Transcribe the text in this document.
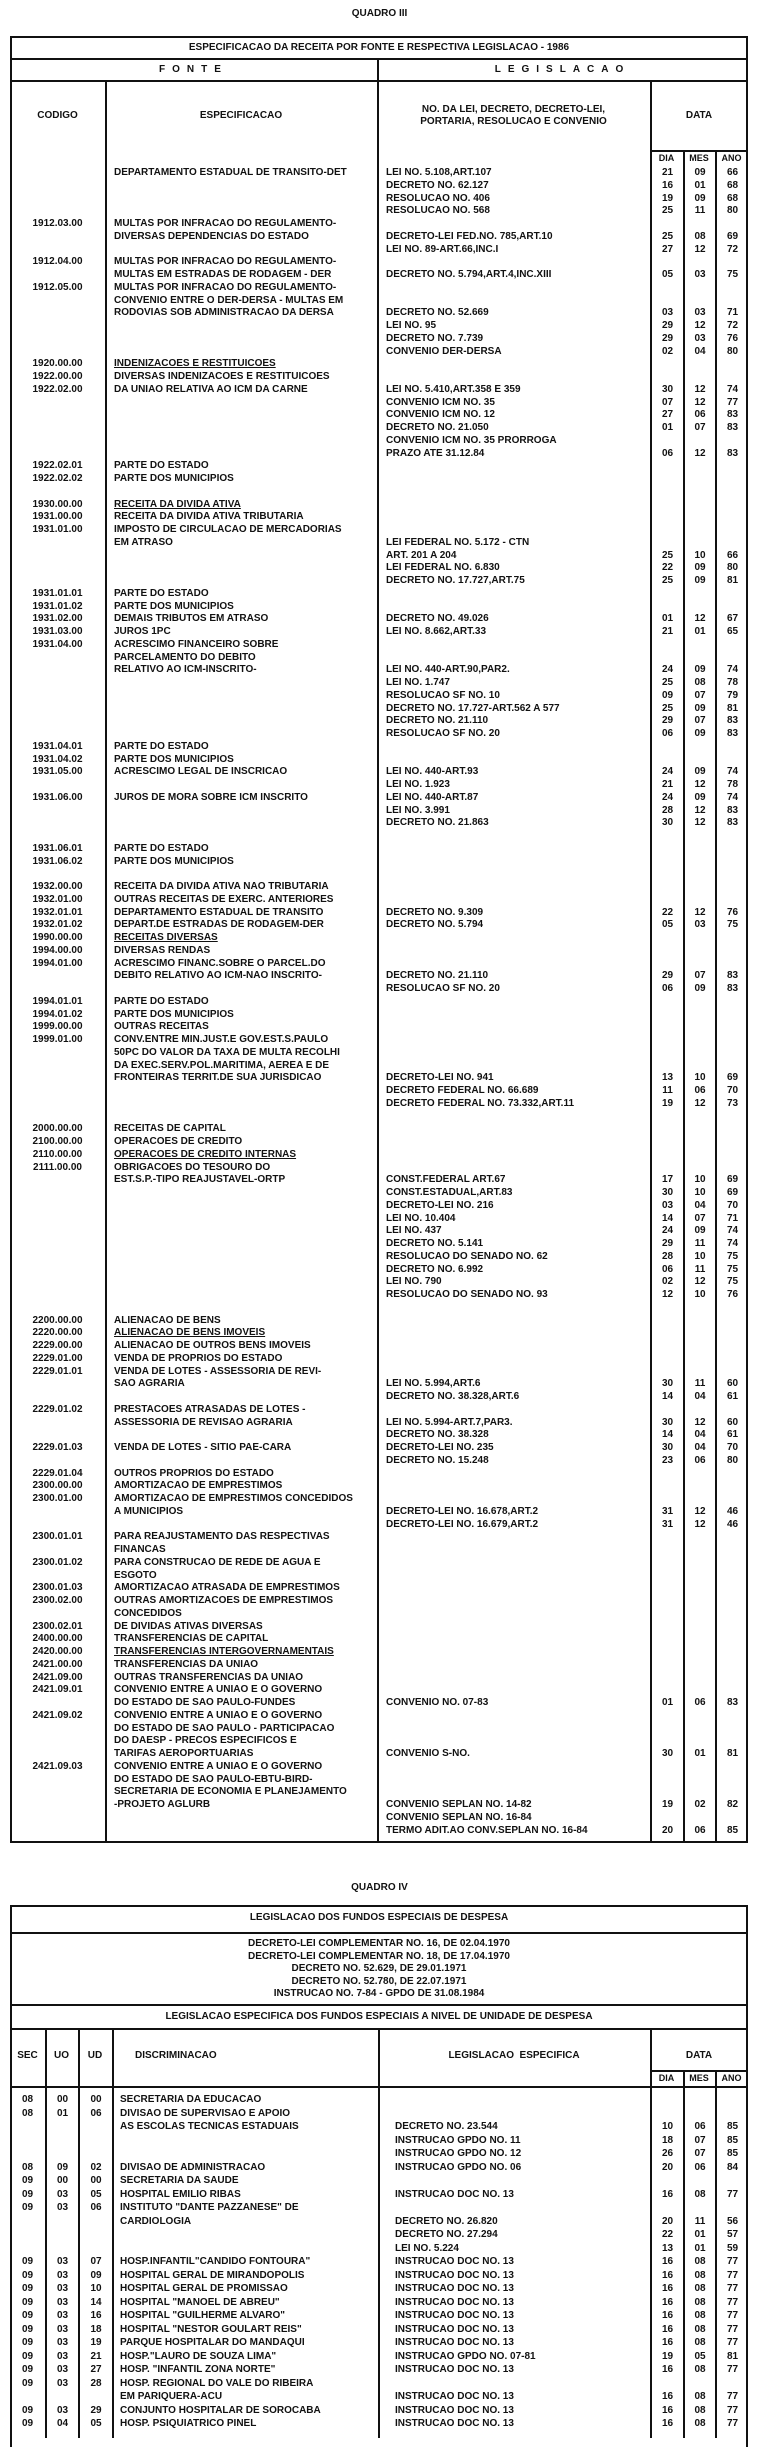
QUADRO III
ESPECIFICACAO DA RECEITA POR FONTE E RESPECTIVA LEGISLACAO - 1986
FONTE	LEGISLACAO
CODIGO	ESPECIFICACAO
NO. DA LEI, DECRETO, DECRETO-LEI,
PORTARIA, RESOLUCAO E CONVENIO
DATA
DIA	MES	ANO
DEPARTAMENTO ESTADUAL DE TRANSITO-DET	LEI NO. 5.108,ART.107	21	09	66
DECRETO NO. 62.127	16	01	68
RESOLUCAO NO. 406	19	09	68
RESOLUCAO NO. 568	25	11	80
1912.03.00	MULTAS POR INFRACAO DO REGULAMENTO-
DIVERSAS DEPENDENCIAS DO ESTADO	DECRETO-LEI FED.NO. 785,ART.10	25	08	69
LEI NO. 89-ART.66,INC.I	27	12	72
1912.04.00	MULTAS POR INFRACAO DO REGULAMENTO-
MULTAS EM ESTRADAS DE RODAGEM - DER	DECRETO NO. 5.794,ART.4,INC.XIII	05	03	75
1912.05.00	MULTAS POR INFRACAO DO REGULAMENTO-
CONVENIO ENTRE O DER-DERSA - MULTAS EM
RODOVIAS SOB ADMINISTRACAO DA DERSA	DECRETO NO. 52.669	03	03	71
LEI NO. 95	29	12	72
DECRETO NO. 7.739	29	03	76
CONVENIO DER-DERSA	02	04	80
1920.00.00	INDENIZACOES E RESTITUICOES
1922.00.00	DIVERSAS INDENIZACOES E RESTITUICOES
1922.02.00	DA UNIAO RELATIVA AO ICM DA CARNE	LEI NO. 5.410,ART.358 E 359	30	12	74
CONVENIO ICM NO. 35	07	12	77
CONVENIO ICM NO. 12	27	06	83
DECRETO NO. 21.050	01	07	83
CONVENIO ICM NO. 35 PRORROGA
PRAZO ATE 31.12.84	06	12	83
1922.02.01	PARTE DO ESTADO
1922.02.02	PARTE DOS MUNICIPIOS
1930.00.00	RECEITA DA DIVIDA ATIVA
1931.00.00	RECEITA DA DIVIDA ATIVA TRIBUTARIA
1931.01.00	IMPOSTO DE CIRCULACAO DE MERCADORIAS
EM ATRASO	LEI FEDERAL NO. 5.172 - CTN
ART. 201 A 204	25	10	66
LEI FEDERAL NO. 6.830	22	09	80
DECRETO NO. 17.727,ART.75	25	09	81
1931.01.01	PARTE DO ESTADO
1931.01.02	PARTE DOS MUNICIPIOS
1931.02.00	DEMAIS TRIBUTOS EM ATRASO	DECRETO NO. 49.026	01	12	67
1931.03.00	JUROS 1PC	LEI NO. 8.662,ART.33	21	01	65
1931.04.00	ACRESCIMO FINANCEIRO SOBRE
PARCELAMENTO DO DEBITO
RELATIVO AO ICM-INSCRITO-	LEI NO. 440-ART.90,PAR2.	24	09	74
LEI NO. 1.747	25	08	78
RESOLUCAO SF NO. 10	09	07	79
DECRETO NO. 17.727-ART.562 A 577	25	09	81
DECRETO NO. 21.110	29	07	83
RESOLUCAO SF NO. 20	06	09	83
1931.04.01	PARTE DO ESTADO
1931.04.02	PARTE DOS MUNICIPIOS
1931.05.00	ACRESCIMO LEGAL DE INSCRICAO	LEI NO. 440-ART.93	24	09	74
LEI NO. 1.923	21	12	78
1931.06.00	JUROS DE MORA SOBRE ICM INSCRITO	LEI NO. 440-ART.87	24	09	74
LEI NO. 3.991	28	12	83
DECRETO NO. 21.863	30	12	83
1931.06.01	PARTE DO ESTADO
1931.06.02	PARTE DOS MUNICIPIOS
1932.00.00	RECEITA DA DIVIDA ATIVA NAO TRIBUTARIA
1932.01.00	OUTRAS RECEITAS DE EXERC. ANTERIORES
1932.01.01	DEPARTAMENTO ESTADUAL DE TRANSITO	DECRETO NO. 9.309	22	12	76
1932.01.02	DEPART.DE ESTRADAS DE RODAGEM-DER	DECRETO NO. 5.794	05	03	75
1990.00.00	RECEITAS DIVERSAS
1994.00.00	DIVERSAS RENDAS
1994.01.00	ACRESCIMO FINANC.SOBRE O PARCEL.DO
DEBITO RELATIVO AO ICM-NAO INSCRITO-	DECRETO NO. 21.110	29	07	83
RESOLUCAO SF NO. 20	06	09	83
1994.01.01	PARTE DO ESTADO
1994.01.02	PARTE DOS MUNICIPIOS
1999.00.00	OUTRAS RECEITAS
1999.01.00	CONV.ENTRE MIN.JUST.E GOV.EST.S.PAULO
50PC DO VALOR DA TAXA DE MULTA RECOLHI
DA EXEC.SERV.POL.MARITIMA, AEREA E DE
FRONTEIRAS TERRIT.DE SUA JURISDICAO	DECRETO-LEI NO. 941	13	10	69
DECRETO FEDERAL NO. 66.689	11	06	70
DECRETO FEDERAL NO. 73.332,ART.11	19	12	73
2000.00.00	RECEITAS DE CAPITAL
2100.00.00	OPERACOES DE CREDITO
2110.00.00	OPERACOES DE CREDITO INTERNAS
2111.00.00	OBRIGACOES DO TESOURO DO
EST.S.P.-TIPO REAJUSTAVEL-ORTP	CONST.FEDERAL ART.67	17	10	69
CONST.ESTADUAL,ART.83	30	10	69
DECRETO-LEI NO. 216	03	04	70
LEI NO. 10.404	14	07	71
LEI NO. 437	24	09	74
DECRETO NO. 5.141	29	11	74
RESOLUCAO DO SENADO NO. 62	28	10	75
DECRETO NO. 6.992	06	11	75
LEI NO. 790	02	12	75
RESOLUCAO DO SENADO NO. 93	12	10	76
2200.00.00	ALIENACAO DE BENS
2220.00.00	ALIENACAO DE BENS IMOVEIS
2229.00.00	ALIENACAO DE OUTROS BENS IMOVEIS
2229.01.00	VENDA DE PROPRIOS DO ESTADO
2229.01.01	VENDA DE LOTES - ASSESSORIA DE REVI-
SAO AGRARIA	LEI NO. 5.994,ART.6	30	11	60
DECRETO NO. 38.328,ART.6	14	04	61
2229.01.02	PRESTACOES ATRASADAS DE LOTES -
ASSESSORIA DE REVISAO AGRARIA	LEI NO. 5.994-ART.7,PAR3.	30	12	60
DECRETO NO. 38.328	14	04	61
2229.01.03	VENDA DE LOTES - SITIO PAE-CARA	DECRETO-LEI NO. 235	30	04	70
DECRETO NO. 15.248	23	06	80
2229.01.04	OUTROS PROPRIOS DO ESTADO
2300.00.00	AMORTIZACAO DE EMPRESTIMOS
2300.01.00	AMORTIZACAO DE EMPRESTIMOS CONCEDIDOS
A MUNICIPIOS	DECRETO-LEI NO. 16.678,ART.2	31	12	46
DECRETO-LEI NO. 16.679,ART.2	31	12	46
2300.01.01	PARA REAJUSTAMENTO DAS RESPECTIVAS
FINANCAS
2300.01.02	PARA CONSTRUCAO DE REDE DE AGUA E
ESGOTO
2300.01.03	AMORTIZACAO ATRASADA DE EMPRESTIMOS
2300.02.00	OUTRAS AMORTIZACOES DE EMPRESTIMOS
CONCEDIDOS
2300.02.01	DE DIVIDAS ATIVAS DIVERSAS
2400.00.00	TRANSFERENCIAS DE CAPITAL
2420.00.00	TRANSFERENCIAS INTERGOVERNAMENTAIS
2421.00.00	TRANSFERENCIAS DA UNIAO
2421.09.00	OUTRAS TRANSFERENCIAS DA UNIAO
2421.09.01	CONVENIO ENTRE A UNIAO E O GOVERNO
DO ESTADO DE SAO PAULO-FUNDES	CONVENIO NO. 07-83	01	06	83
2421.09.02	CONVENIO ENTRE A UNIAO E O GOVERNO
DO ESTADO DE SAO PAULO - PARTICIPACAO
DO DAESP - PRECOS ESPECIFICOS E
TARIFAS AEROPORTUARIAS	CONVENIO S-NO.	30	01	81
2421.09.03	CONVENIO ENTRE A UNIAO E O GOVERNO
DO ESTADO DE SAO PAULO-EBTU-BIRD-
SECRETARIA DE ECONOMIA E PLANEJAMENTO
-PROJETO AGLURB	CONVENIO SEPLAN NO. 14-82	19	02	82
CONVENIO SEPLAN NO. 16-84
TERMO ADIT.AO CONV.SEPLAN NO. 16-84	20	06	85
QUADRO IV
LEGISLACAO DOS FUNDOS ESPECIAIS DE DESPESA
DECRETO-LEI COMPLEMENTAR NO. 16, DE 02.04.1970
DECRETO-LEI COMPLEMENTAR NO. 18, DE 17.04.1970
DECRETO NO. 52.629, DE 29.01.1971
DECRETO NO. 52.780, DE 22.07.1971
INSTRUCAO NO. 7-84 - GPDO DE 31.08.1984
LEGISLACAO ESPECIFICA DOS FUNDOS ESPECIAIS A NIVEL DE UNIDADE DE DESPESA
SEC	UO	UD	DISCRIMINACAO	LEGISLACAO  ESPECIFICA	DATA
DIA	MES	ANO
08	00	00	SECRETARIA DA EDUCACAO
08	01	06	DIVISAO DE SUPERVISAO E APOIO
AS ESCOLAS TECNICAS ESTADUAIS	DECRETO NO. 23.544	10	06	85
INSTRUCAO GPDO NO. 11	18	07	85
INSTRUCAO GPDO NO. 12	26	07	85
08	09	02	DIVISAO DE ADMINISTRACAO	INSTRUCAO GPDO NO. 06	20	06	84
09	00	00	SECRETARIA DA SAUDE
09	03	05	HOSPITAL EMILIO RIBAS	INSTRUCAO DOC NO. 13	16	08	77
09	03	06	INSTITUTO "DANTE PAZZANESE" DE
CARDIOLOGIA	DECRETO NO. 26.820	20	11	56
DECRETO NO. 27.294	22	01	57
LEI NO. 5.224	13	01	59
09	03	07	HOSP.INFANTIL"CANDIDO FONTOURA"	INSTRUCAO DOC NO. 13	16	08	77
09	03	09	HOSPITAL GERAL DE MIRANDOPOLIS	INSTRUCAO DOC NO. 13	16	08	77
09	03	10	HOSPITAL GERAL DE PROMISSAO	INSTRUCAO DOC NO. 13	16	08	77
09	03	14	HOSPITAL "MANOEL DE ABREU"	INSTRUCAO DOC NO. 13	16	08	77
09	03	16	HOSPITAL "GUILHERME ALVARO"	INSTRUCAO DOC NO. 13	16	08	77
09	03	18	HOSPITAL "NESTOR GOULART REIS"	INSTRUCAO DOC NO. 13	16	08	77
09	03	19	PARQUE HOSPITALAR DO MANDAQUI	INSTRUCAO DOC NO. 13	16	08	77
09	03	21	HOSP."LAURO DE SOUZA LIMA"	INSTRUCAO GPDO NO. 07-81	19	05	81
09	03	27	HOSP. "INFANTIL ZONA NORTE"	INSTRUCAO DOC NO. 13	16	08	77
09	03	28	HOSP. REGIONAL DO VALE DO RIBEIRA
EM PARIQUERA-ACU	INSTRUCAO DOC NO. 13	16	08	77
09	03	29	CONJUNTO HOSPITALAR DE SOROCABA	INSTRUCAO DOC NO. 13	16	08	77
09	04	05	HOSP. PSIQUIATRICO PINEL	INSTRUCAO DOC NO. 13	16	08	77
